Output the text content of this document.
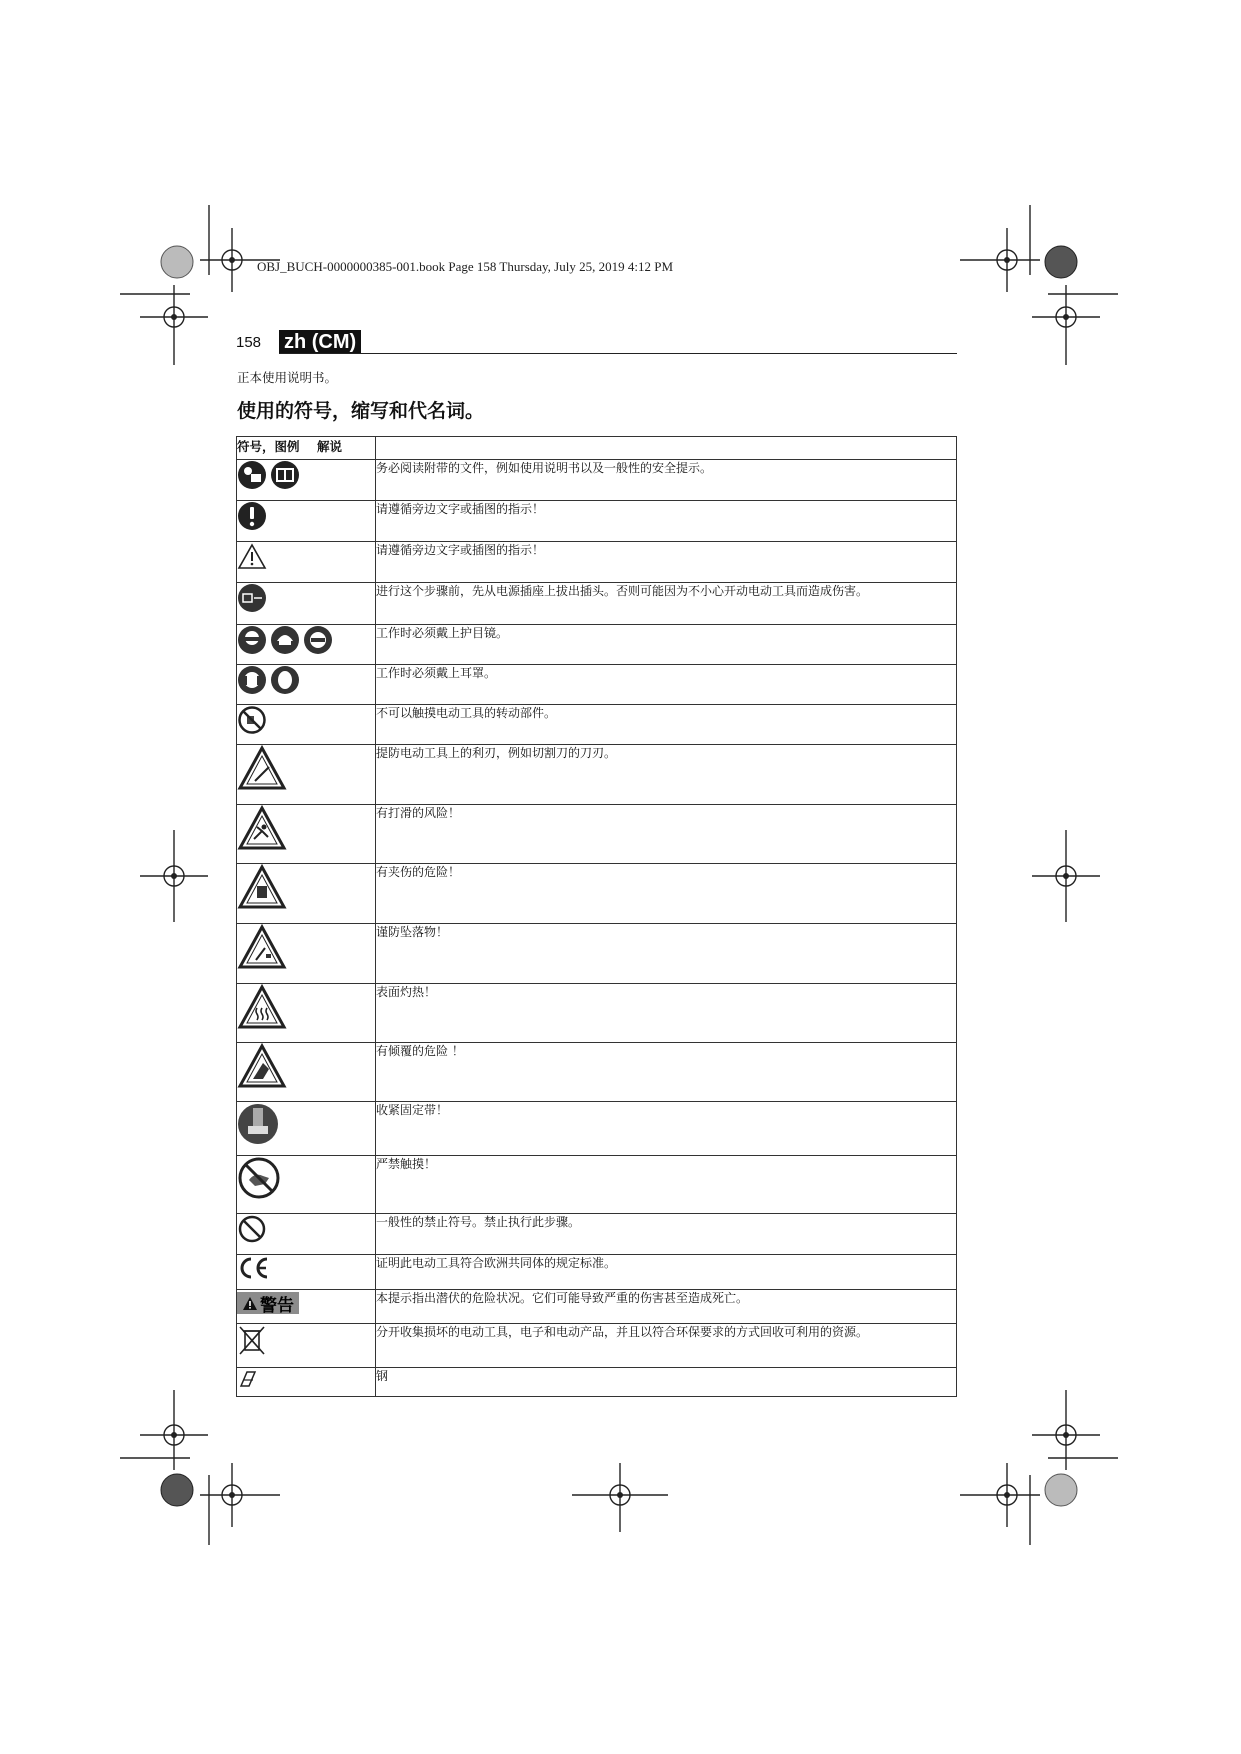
OBJ_BUCH-0000000385-001.book Page 158 Thursday, July 25, 2019 4:12 PM
158 zh (CM)
正本使用说明书。
使用的符号，缩写和代名词。
符号，图例 解说	

	务必阅读附带的文件，例如使用说明书以及一般性的安全提示。

	请遵循旁边文字或插图的指示！

	请遵循旁边文字或插图的指示！

	进行这个步骤前，先从电源插座上拔出插头。否则可能因为不小心开动电动工具而造成伤害。

	工作时必须戴上护目镜。

	工作时必须戴上耳罩。

	不可以触摸电动工具的转动部件。

	提防电动工具上的利刃，例如切割刀的刀刃。

	有打滑的风险！

	有夹伤的危险！

	谨防坠落物！

	表面灼热！

	有倾覆的危险 ！

	收紧固定带！

	严禁触摸！

	一般性的禁止符号。禁止执行此步骤。

	证明此电动工具符合欧洲共同体的规定标准。

警告	本提示指出潜伏的危险状况。它们可能导致严重的伤害甚至造成死亡。

	分开收集损坏的电动工具，电子和电动产品，并且以符合环保要求的方式回收可利用的资源。

	钢
